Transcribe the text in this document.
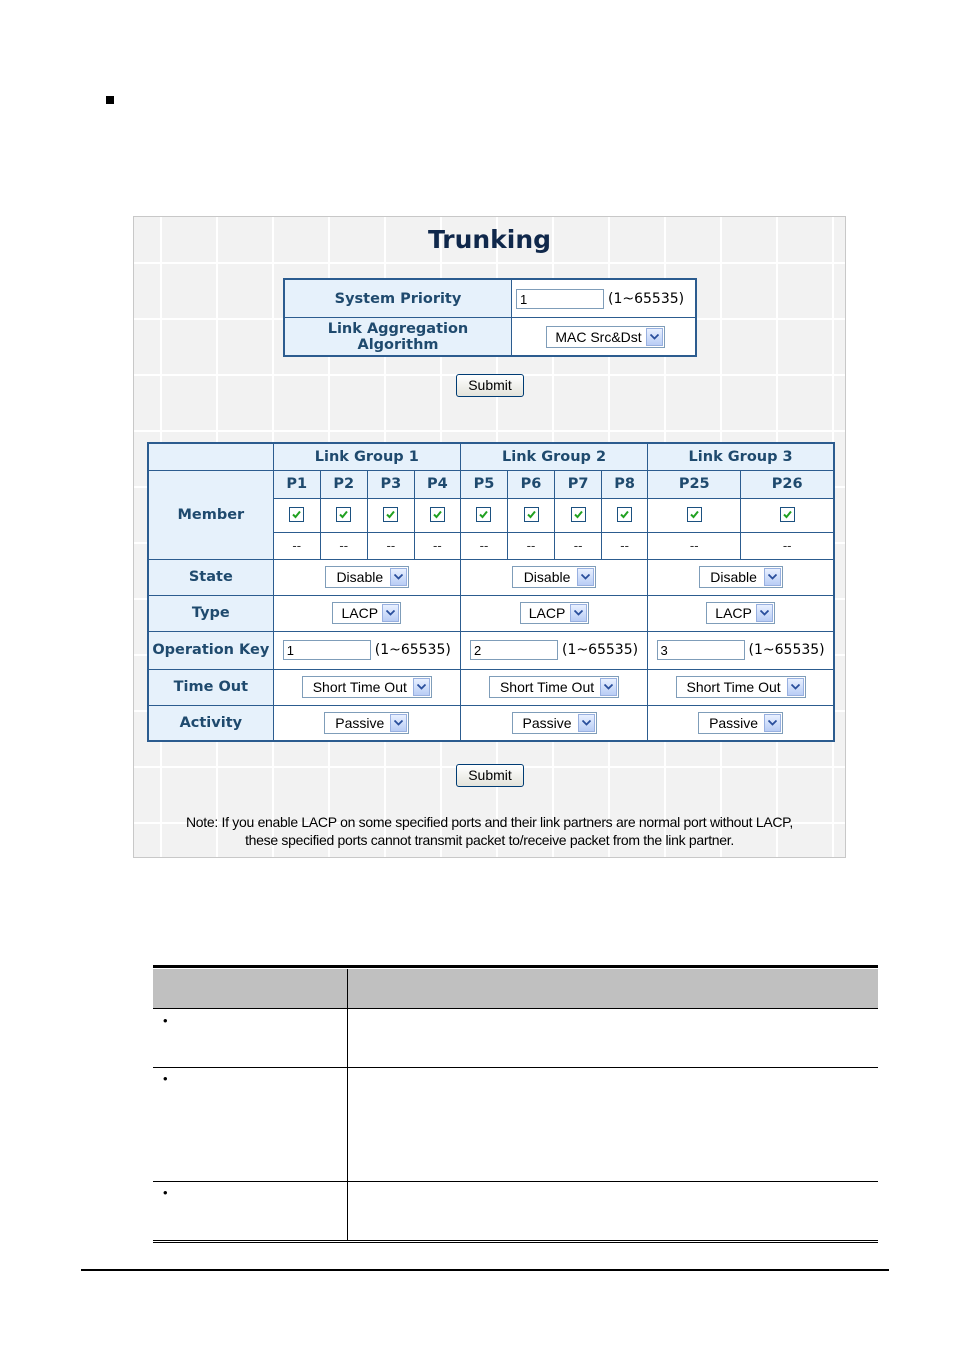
Trunking
System Priority	1 (1~65535)
Link Aggregation Algorithm	MAC Src&Dst
Submit
	Link Group 1				Link Group 2				Link Group 3	
Member	P1	P2	P3	P4	P5	P6	P7	P8	P25	P26

	--	--	--	--	--	--	--	--	--	--
State	Disable				Disable				Disable	

Type	LACP				LACP				LACP	

Operation Key	1 (1~65535)				2 (1~65535)				3 (1~65535)	
Time Out	Short Time Out				Short Time Out				Short Time Out	

Activity	Passive				Passive				Passive	
Submit
Note: If you enable LACP on some specified ports and their link partners are normal port without LACP,
these specified ports cannot transmit packet to/receive packet from the link partner.
•
•
•
